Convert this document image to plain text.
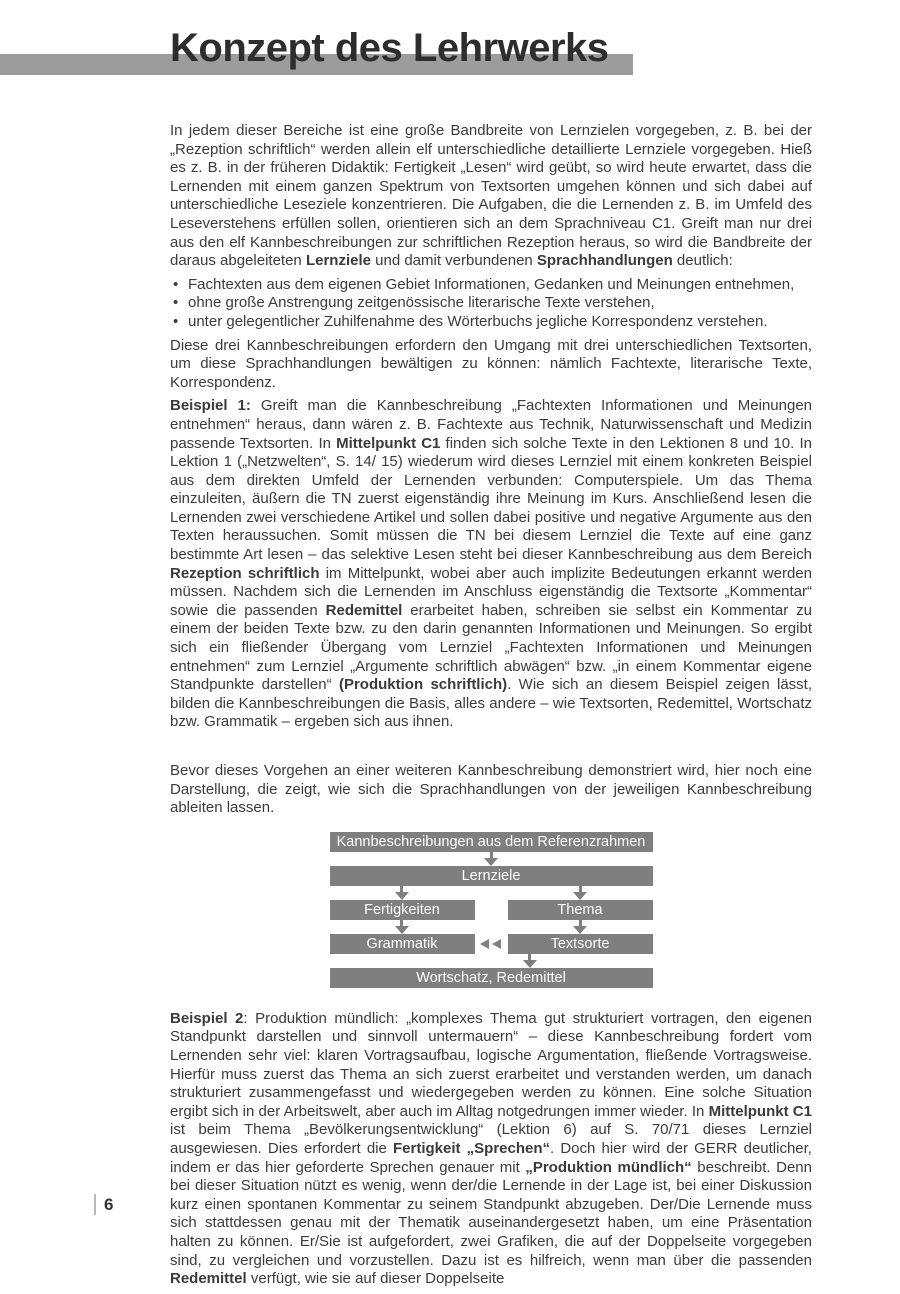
Konzept des Lehrwerks

In jedem dieser Bereiche ist eine große Bandbreite von Lernzielen vorgegeben, z. B. bei der „Rezeption schriftlich“ werden allein elf unterschiedliche detaillierte Lernziele vorgegeben. Hieß es z. B. in der früheren Didaktik: Fertigkeit „Lesen“ wird geübt, so wird heute erwartet, dass die Lernenden mit einem ganzen Spektrum von Textsorten umgehen können und sich dabei auf unterschiedliche Leseziele konzentrieren. Die Aufgaben, die die Lernenden z. B. im Umfeld des Leseverstehens erfüllen sollen, orientieren sich an dem Sprachniveau C1. Greift man nur drei aus den elf Kannbeschreibungen zur schriftlichen Rezeption heraus, so wird die Bandbreite der daraus abgeleiteten Lernziele und damit verbundenen Sprachhandlungen deutlich:

• Fachtexten aus dem eigenen Gebiet Informationen, Gedanken und Meinungen entnehmen,
• ohne große Anstrengung zeitgenössische literarische Texte verstehen,
• unter gelegentlicher Zuhilfenahme des Wörterbuchs jegliche Korrespondenz verstehen.

Diese drei Kannbeschreibungen erfordern den Umgang mit drei unterschiedlichen Textsorten, um diese Sprachhandlungen bewältigen zu können: nämlich Fachtexte, literarische Texte, Korrespondenz.

Beispiel 1: Greift man die Kannbeschreibung „Fachtexten Informationen und Meinungen entnehmen“ heraus, dann wären z. B. Fachtexte aus Technik, Naturwissenschaft und Medizin passende Textsorten. In Mittelpunkt C1 finden sich solche Texte in den Lektionen 8 und 10. In Lektion 1 („Netzwelten“, S. 14/ 15) wiederum wird dieses Lernziel mit einem konkreten Beispiel aus dem direkten Umfeld der Lernenden verbunden: Computerspiele. Um das Thema einzuleiten, äußern die TN zuerst eigenständig ihre Meinung im Kurs. Anschließend lesen die Lernenden zwei verschiedene Artikel und sollen dabei positive und negative Argumente aus den Texten heraussuchen. Somit müssen die TN bei diesem Lernziel die Texte auf eine ganz bestimmte Art lesen – das selektive Lesen steht bei dieser Kannbeschreibung aus dem Bereich Rezeption schriftlich im Mittelpunkt, wobei aber auch implizite Bedeutungen erkannt werden müssen. Nachdem sich die Lernenden im Anschluss eigenständig die Textsorte „Kommentar“ sowie die passenden Redemittel erarbeitet haben, schreiben sie selbst ein Kommentar zu einem der beiden Texte bzw. zu den darin genannten Informationen und Meinungen. So ergibt sich ein fließender Übergang vom Lernziel „Fachtexten Informationen und Meinungen entnehmen“ zum Lernziel „Argumente schriftlich abwägen“ bzw. „in einem Kommentar eigene Standpunkte darstellen“ (Produktion schriftlich). Wie sich an diesem Beispiel zeigen lässt, bilden die Kannbeschreibungen die Basis, alles andere – wie Textsorten, Redemittel, Wortschatz bzw. Grammatik – ergeben sich aus ihnen.

Bevor dieses Vorgehen an einer weiteren Kannbeschreibung demonstriert wird, hier noch eine Darstellung, die zeigt, wie sich die Sprachhandlungen von der jeweiligen Kannbeschreibung ableiten lassen.

Kannbeschreibungen aus dem Referenzrahmen
Lernziele
Fertigkeiten	Thema
Grammatik	Textsorte
Wortschatz, Redemittel

Beispiel 2: Produktion mündlich: „komplexes Thema gut strukturiert vortragen, den eigenen Standpunkt darstellen und sinnvoll untermauern“ – diese Kannbeschreibung fordert vom Lernenden sehr viel: klaren Vortragsaufbau, logische Argumentation, fließende Vortragsweise. Hierfür muss zuerst das Thema an sich zuerst erarbeitet und verstanden werden, um danach strukturiert zusammengefasst und wiedergegeben werden zu können. Eine solche Situation ergibt sich in der Arbeitswelt, aber auch im Alltag notgedrungen immer wieder. In Mittelpunkt C1 ist beim Thema „Bevölkerungsentwicklung“ (Lektion 6) auf S. 70/71 dieses Lernziel ausgewiesen. Dies erfordert die Fertigkeit „Sprechen“. Doch hier wird der GERR deutlicher, indem er das hier geforderte Sprechen genauer mit „Produktion mündlich“ beschreibt. Denn bei dieser Situation nützt es wenig, wenn der/die Lernende in der Lage ist, bei einer Diskussion kurz einen spontanen Kommentar zu seinem Standpunkt abzugeben. Der/Die Lernende muss sich stattdessen genau mit der Thematik auseinandergesetzt haben, um eine Präsentation halten zu können. Er/Sie ist aufgefordert, zwei Grafiken, die auf der Doppelseite vorgegeben sind, zu vergleichen und vorzustellen. Dazu ist es hilfreich, wenn man über die passenden Redemittel verfügt, wie sie auf dieser Doppelseite

6
